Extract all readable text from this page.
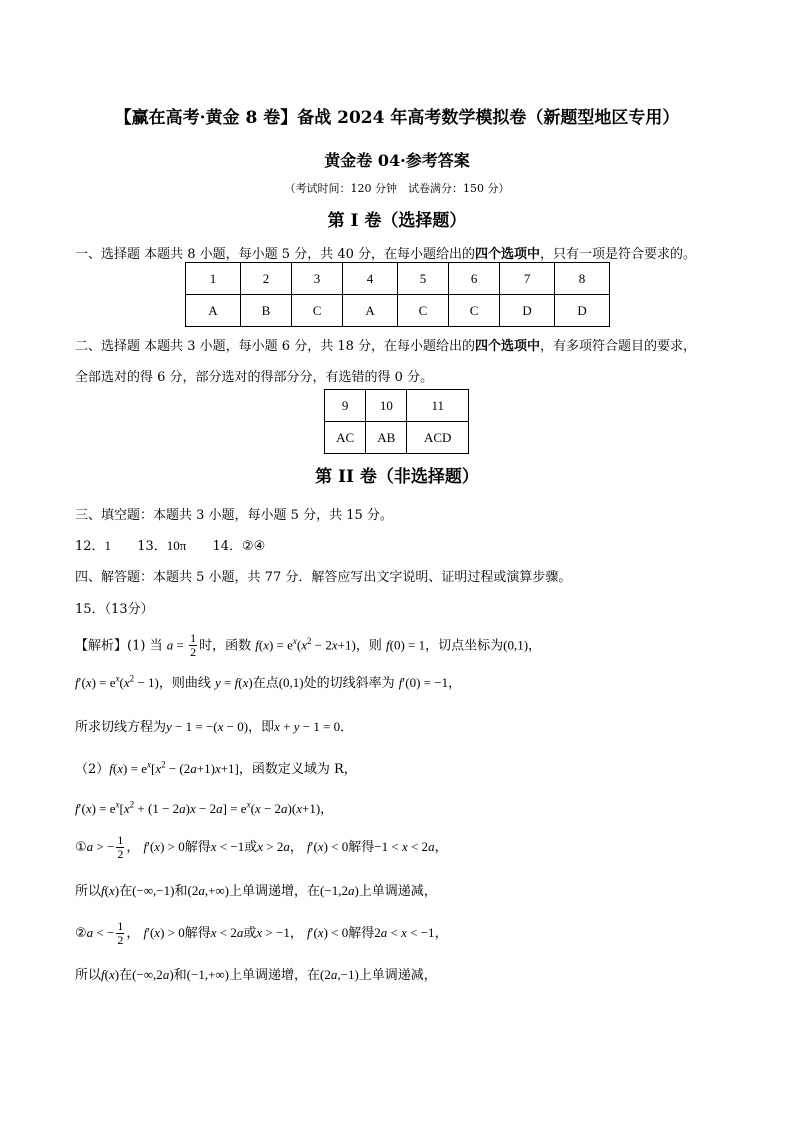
【赢在高考·黄金 8 卷】备战 2024 年高考数学模拟卷（新题型地区专用）
黄金卷 04·参考答案
（考试时间：120 分钟　试卷满分：150 分）
第 I 卷（选择题）
一、选择题 本题共 8 小题，每小题 5 分，共 40 分，在每小题给出的四个选项中，只有一项是符合要求的。
1	2	3	4	5	6	7	8
A	B	C	A	C	C	D	D
二、选择题 本题共 3 小题，每小题 6 分，共 18 分，在每小题给出的四个选项中，有多项符合题目的要求，
全部选对的得 6 分，部分选对的得部分分，有选错的得 0 分。
9	10	11
AC	AB	ACD
第 II 卷（非选择题）
三、填空题：本题共 3 小题，每小题 5 分，共 15 分。
12．1 13．10π 14．②④
四、解答题：本题共 5 小题，共 77 分．解答应写出文字说明、证明过程或演算步骤。
15．（13分）
【解析】(1) 当 $a = \frac{1}{2}$ 时，函数 $f(x) = e^x(x^2 - 2x+1)$，则 f(0) = 1，切点坐标为(0,1)，
$f'(x) = e^x(x^2 - 1)$，则曲线 y = f(x)在点(0,1)处的切线斜率为 f′(0) = −1，
所求切线方程为y − 1 = −(x − 0)，即x + y − 1 = 0．
$(2)f(x) = e^x[x^2 - (2a+1)x+1]$，函数定义域为 R，
$f'(x) = e^x[x^2 + (1 - 2a)x - 2a] = e^x(x - 2a)(x+1)$，
①a > − $\frac{1}{2}$ ， f′(x) > 0解得x < −1或x > 2a， f′(x) < 0解得−1 < x < 2a，
所以f(x)在(−∞,−1)和(2a,+∞)上单调递增，在(−1,2a)上单调递减，
②a < − $\frac{1}{2}$ ， f′(x) > 0解得x < 2a或x > −1， f′(x) < 0解得2a < x < −1，
所以f(x)在(−∞,2a)和(−1,+∞)上单调递增，在(2a,−1)上单调递减，
